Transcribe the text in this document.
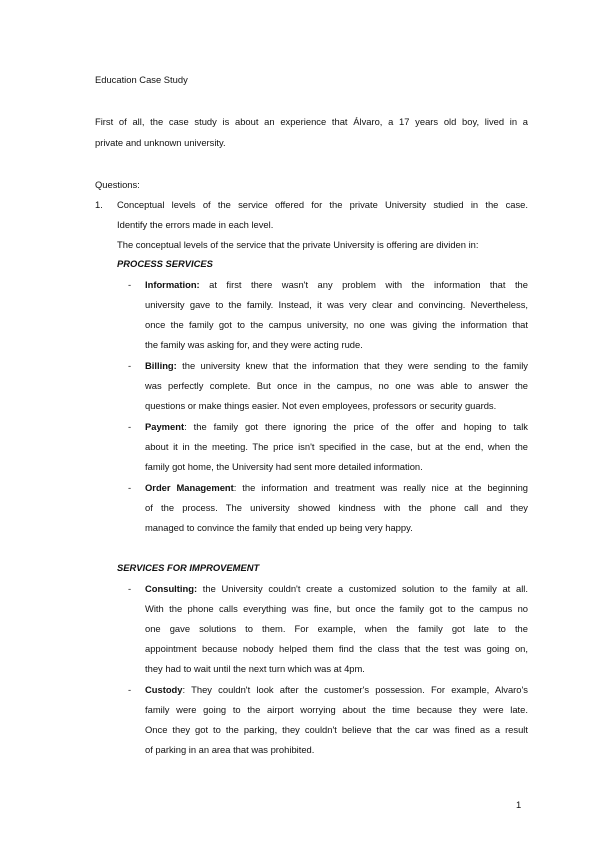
Education Case Study
First of all, the case study is about an experience that Álvaro, a 17 years old boy, lived in a
private and unknown university.
Questions:
1. Conceptual levels of the service offered for the private University studied in the case.
Identify the errors made in each level.
The conceptual levels of the service that the private University is offering are dividen in:
PROCESS SERVICES
- Information: at first there wasn't any problem with the information that the
university gave to the family. Instead, it was very clear and convincing. Nevertheless,
once the family got to the campus university, no one was giving the information that
the family was asking for, and they were acting rude.
- Billing: the university knew that the information that they were sending to the family
was perfectly complete. But once in the campus, no one was able to answer the
questions or make things easier. Not even employees, professors or security guards.
- Payment: the family got there ignoring the price of the offer and hoping to talk
about it in the meeting. The price isn't specified in the case, but at the end, when the
family got home, the University had sent more detailed information.
- Order Management: the information and treatment was really nice at the beginning
of the process. The university showed kindness with the phone call and they
managed to convince the family that ended up being very happy.
SERVICES FOR IMPROVEMENT
- Consulting: the University couldn't create a customized solution to the family at all.
With the phone calls everything was fine, but once the family got to the campus no
one gave solutions to them. For example, when the family got late to the
appointment because nobody helped them find the class that the test was going on,
they had to wait until the next turn which was at 4pm.
- Custody: They couldn't look after the customer's possession. For example, Alvaro's
family were going to the airport worrying about the time because they were late.
Once they got to the parking, they couldn't believe that the car was fined as a result
of parking in an area that was prohibited.
1
